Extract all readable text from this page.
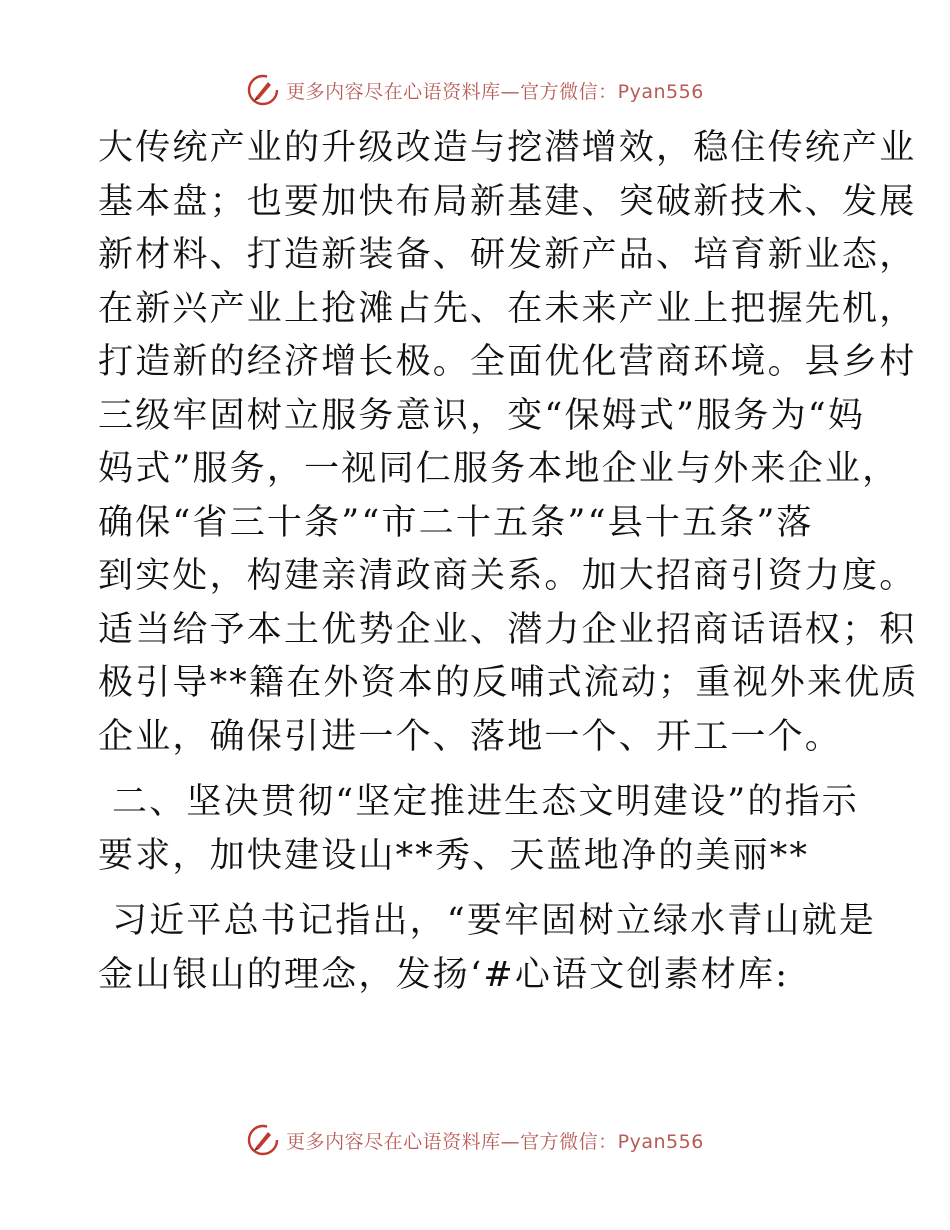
更多内容尽在心语资料库—官方微信：Pyan556
大传统产业的升级改造与挖潜增效，稳住传统产业
基本盘；也要加快布局新基建、突破新技术、发展
新材料、打造新装备、研发新产品、培育新业态，
在新兴产业上抢滩占先、在未来产业上把握先机，
打造新的经济增长极。全面优化营商环境。县乡村
三级牢固树立服务意识，变“保姆式”服务为“妈
妈式”服务，一视同仁服务本地企业与外来企业，
确保“省三十条”“市二十五条”“县十五条”落
到实处，构建亲清政商关系。加大招商引资力度。
适当给予本土优势企业、潜力企业招商话语权；积
极引导**籍在外资本的反哺式流动；重视外来优质
企业，确保引进一个、落地一个、开工一个。
二、坚决贯彻“坚定推进生态文明建设”的指示
要求，加快建设山**秀、天蓝地净的美丽**
习近平总书记指出，“要牢固树立绿水青山就是
金山银山的理念，发扬‘#心语文创素材库:
更多内容尽在心语资料库—官方微信：Pyan556
